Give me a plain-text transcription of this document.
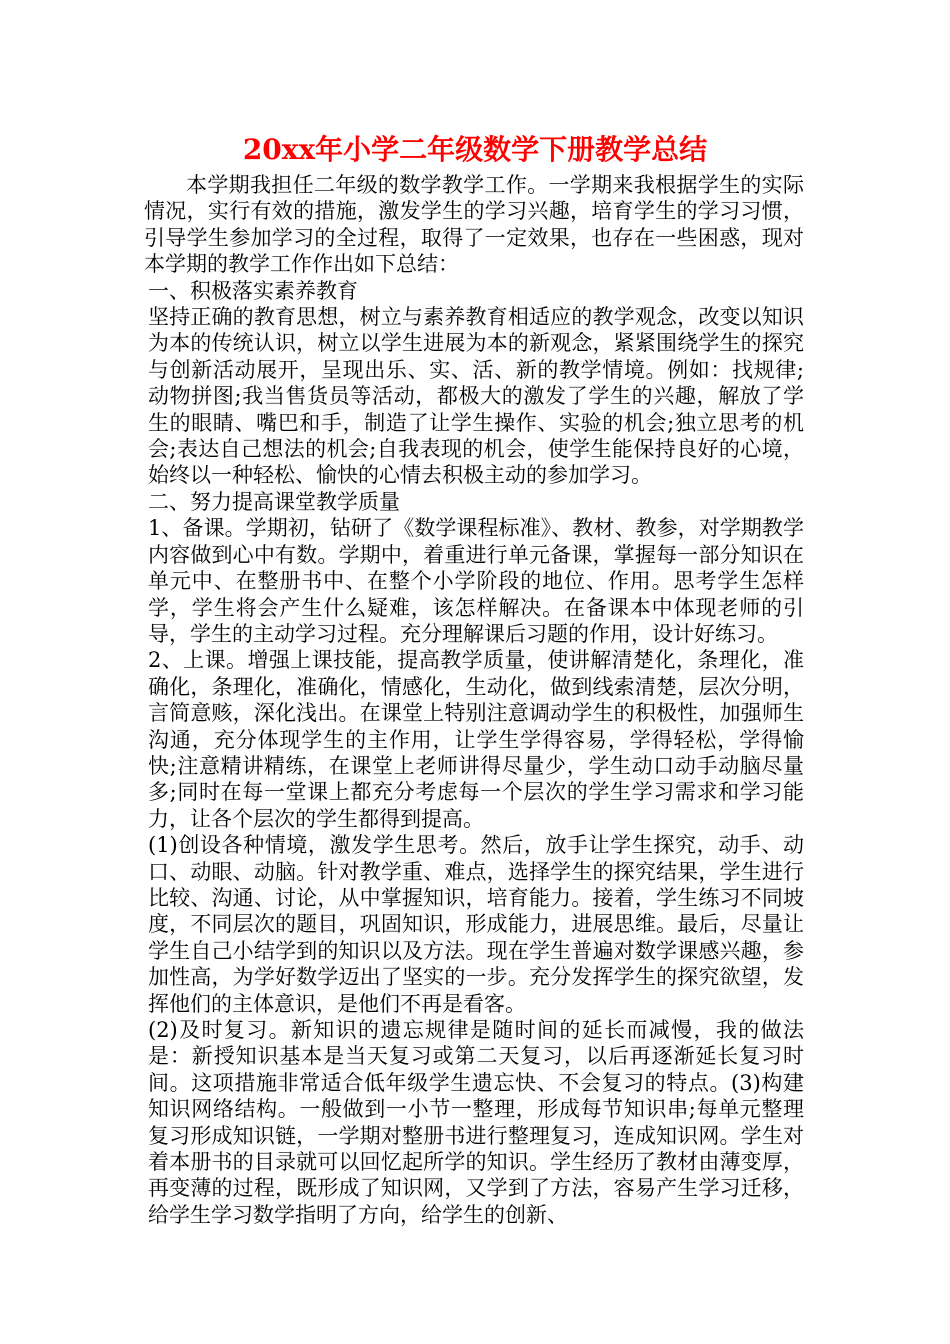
20xx年小学二年级数学下册教学总结

本学期我担任二年级的数学教学工作。一学期来我根据学生的实际情况，实行有效的措施，激发学生的学习兴趣，培育学生的学习习惯，引导学生参加学习的全过程，取得了一定效果，也存在一些困惑，现对本学期的教学工作作出如下总结：

一、积极落实素养教育

坚持正确的教育思想，树立与素养教育相适应的教学观念，改变以知识为本的传统认识，树立以学生进展为本的新观念，紧紧围绕学生的探究与创新活动展开，呈现出乐、实、活、新的教学情境。例如：找规律;动物拼图;我当售货员等活动，都极大的激发了学生的兴趣，解放了学生的眼睛、嘴巴和手，制造了让学生操作、实验的机会;独立思考的机会;表达自己想法的机会;自我表现的机会，使学生能保持良好的心境，始终以一种轻松、愉快的心情去积极主动的参加学习。

二、努力提高课堂教学质量

1、备课。学期初，钻研了《数学课程标准》、教材、教参，对学期教学内容做到心中有数。学期中，着重进行单元备课，掌握每一部分知识在单元中、在整册书中、在整个小学阶段的地位、作用。思考学生怎样学，学生将会产生什么疑难，该怎样解决。在备课本中体现老师的引导，学生的主动学习过程。充分理解课后习题的作用，设计好练习。

2、上课。增强上课技能，提高教学质量，使讲解清楚化，条理化，准确化，条理化，准确化，情感化，生动化，做到线索清楚，层次分明，言简意赅，深化浅出。在课堂上特别注意调动学生的积极性，加强师生沟通，充分体现学生的主作用，让学生学得容易，学得轻松，学得愉快;注意精讲精练，在课堂上老师讲得尽量少，学生动口动手动脑尽量多;同时在每一堂课上都充分考虑每一个层次的学生学习需求和学习能力，让各个层次的学生都得到提高。

(1)创设各种情境，激发学生思考。然后，放手让学生探究，动手、动口、动眼、动脑。针对教学重、难点，选择学生的探究结果，学生进行比较、沟通、讨论，从中掌握知识，培育能力。接着，学生练习不同坡度，不同层次的题目，巩固知识，形成能力，进展思维。最后，尽量让学生自己小结学到的知识以及方法。现在学生普遍对数学课感兴趣，参加性高，为学好数学迈出了坚实的一步。充分发挥学生的探究欲望，发挥他们的主体意识，是他们不再是看客。

(2)及时复习。新知识的遗忘规律是随时间的延长而减慢，我的做法是：新授知识基本是当天复习或第二天复习，以后再逐渐延长复习时间。这项措施非常适合低年级学生遗忘快、不会复习的特点。(3)构建知识网络结构。一般做到一小节一整理，形成每节知识串;每单元整理复习形成知识链，一学期对整册书进行整理复习，连成知识网。学生对着本册书的目录就可以回忆起所学的知识。学生经历了教材由薄变厚，再变薄的过程，既形成了知识网，又学到了方法，容易产生学习迁移，给学生学习数学指明了方向，给学生的创新、
